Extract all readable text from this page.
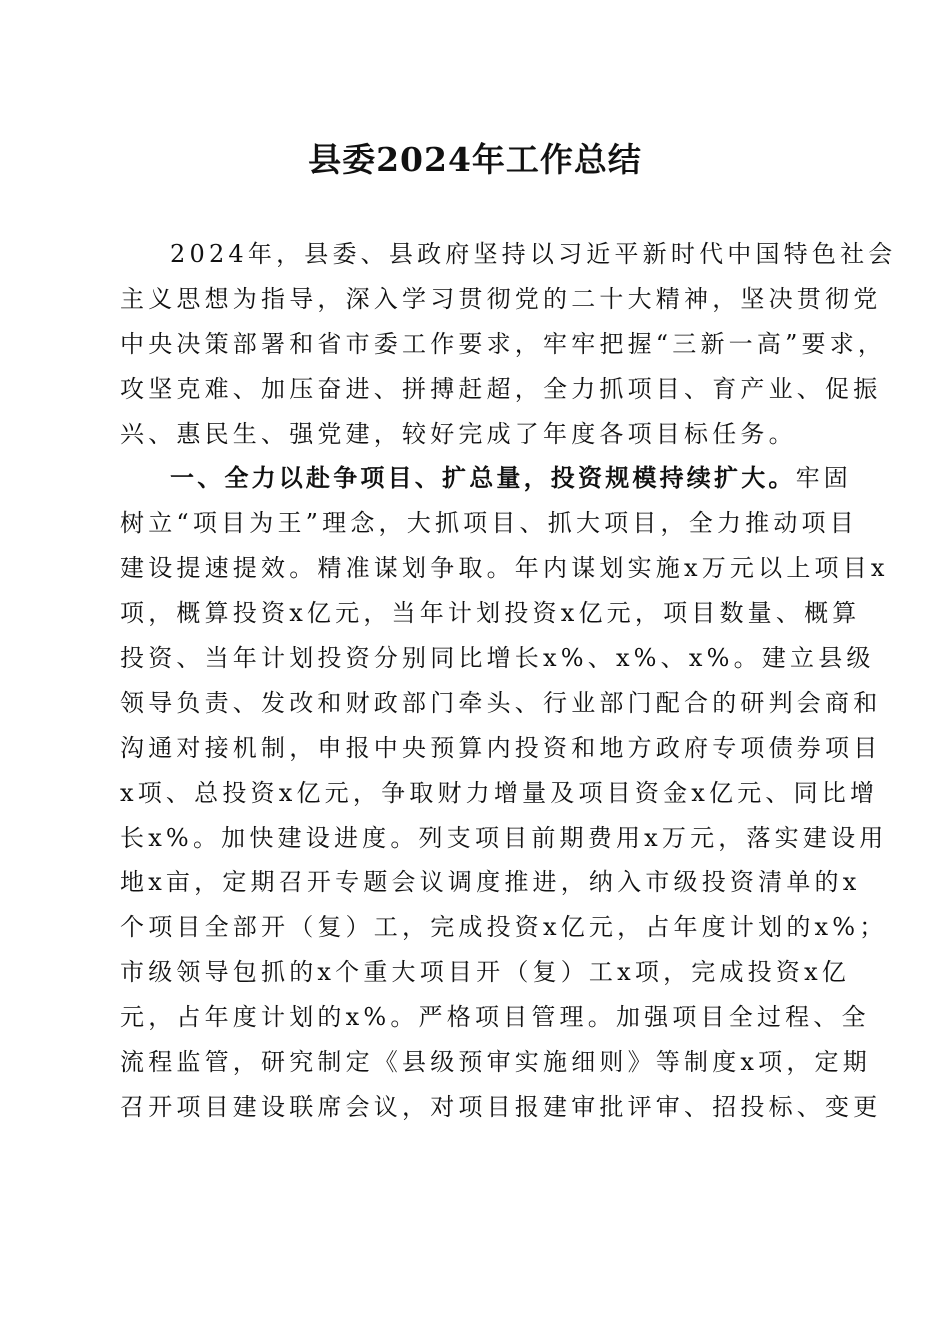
县委2024年工作总结
2024年，县委、县政府坚持以习近平新时代中国特色社会
主义思想为指导，深入学习贯彻党的二十大精神，坚决贯彻党
中央决策部署和省市委工作要求，牢牢把握“三新一高”要求，
攻坚克难、加压奋进、拼搏赶超，全力抓项目、育产业、促振
兴、惠民生、强党建，较好完成了年度各项目标任务。
一、全力以赴争项目、扩总量，投资规模持续扩大。牢固
树立“项目为王”理念，大抓项目、抓大项目，全力推动项目
建设提速提效。精准谋划争取。年内谋划实施x万元以上项目x
项，概算投资x亿元，当年计划投资x亿元，项目数量、概算
投资、当年计划投资分别同比增长x%、x%、x%。建立县级
领导负责、发改和财政部门牵头、行业部门配合的研判会商和
沟通对接机制，申报中央预算内投资和地方政府专项债券项目
x项、总投资x亿元，争取财力增量及项目资金x亿元、同比增
长x%。加快建设进度。列支项目前期费用x万元，落实建设用
地x亩，定期召开专题会议调度推进，纳入市级投资清单的x
个项目全部开（复）工，完成投资x亿元，占年度计划的x%；
市级领导包抓的x个重大项目开（复）工x项，完成投资x亿
元，占年度计划的x%。严格项目管理。加强项目全过程、全
流程监管，研究制定《县级预审实施细则》等制度x项，定期
召开项目建设联席会议，对项目报建审批评审、招投标、变更
